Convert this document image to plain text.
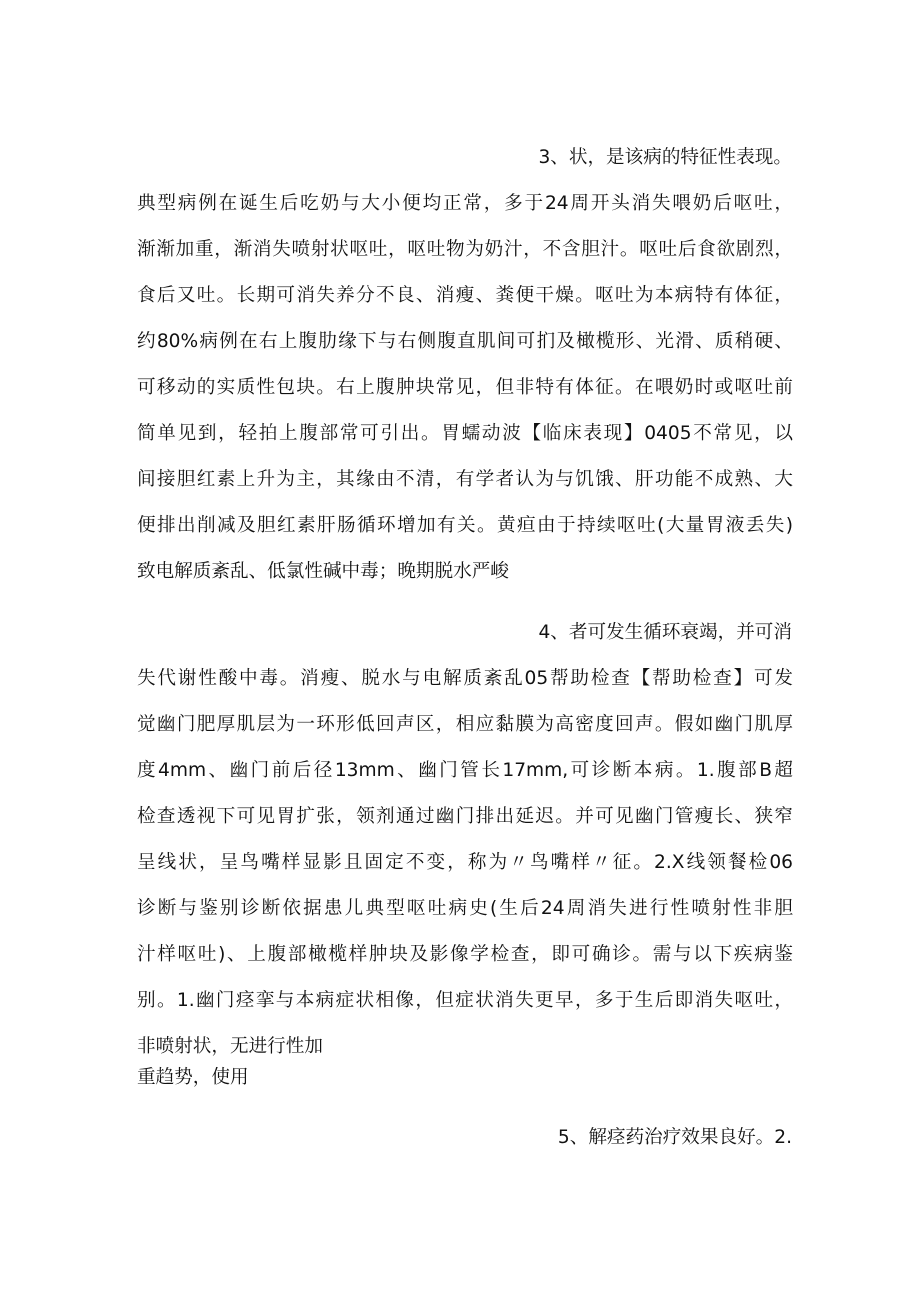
3、状，是该病的特征性表现。
典型病例在诞生后吃奶与大小便均正常，多于24周开头消失喂奶后呕吐，
渐渐加重，渐消失喷射状呕吐，呕吐物为奶汁，不含胆汁。呕吐后食欲剧烈，
食后又吐。长期可消失养分不良、消瘦、粪便干燥。呕吐为本病特有体征，
约80%病例在右上腹肋缘下与右侧腹直肌间可扪及橄榄形、光滑、质稍硬、
可移动的实质性包块。右上腹肿块常见，但非特有体征。在喂奶时或呕吐前
简单见到，轻拍上腹部常可引出。胃蠕动波【临床表现】0405不常见，以
间接胆红素上升为主，其缘由不清，有学者认为与饥饿、肝功能不成熟、大
便排出削减及胆红素肝肠循环增加有关。黄疸由于持续呕吐(大量胃液丢失)
致电解质紊乱、低氯性碱中毒；晚期脱水严峻
4、者可发生循环衰竭，并可消
失代谢性酸中毒。消瘦、脱水与电解质紊乱05帮助检查【帮助检查】可发
觉幽门肥厚肌层为一环形低回声区，相应黏膜为高密度回声。假如幽门肌厚
度4mm、幽门前后径13mm、幽门管长17mm,可诊断本病。1.腹部B超
检查透视下可见胃扩张，领剂通过幽门排出延迟。并可见幽门管瘦长、狭窄
呈线状，呈鸟嘴样显影且固定不变，称为〃鸟嘴样〃征。2.X线领餐检06
诊断与鉴别诊断依据患儿典型呕吐病史(生后24周消失进行性喷射性非胆
汁样呕吐)、上腹部橄榄样肿块及影像学检查，即可确诊。需与以下疾病鉴
别。1.幽门痉挛与本病症状相像，但症状消失更早，多于生后即消失呕吐，
非喷射状，无进行性加
重趋势，使用
5、解痉药治疗效果良好。2.
